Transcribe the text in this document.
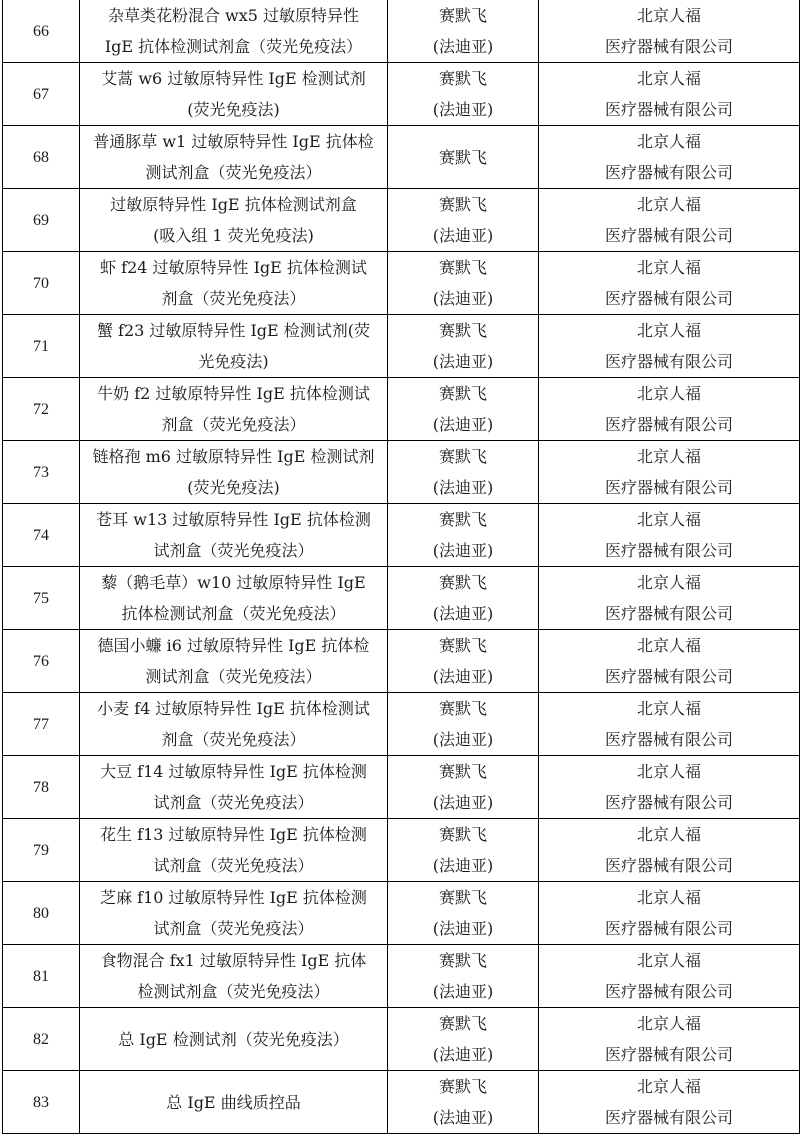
66	杂草类花粉混合 wx5 过敏原特异性
IgE 抗体检测试剂盒（荧光免疫法）	赛默飞
(法迪亚)	北京人福
医疗器械有限公司

67	艾蒿 w6 过敏原特异性 IgE 检测试剂
(荧光免疫法)	赛默飞
(法迪亚)	北京人福
医疗器械有限公司

68	普通豚草 w1 过敏原特异性 IgE 抗体检
测试剂盒（荧光免疫法）	赛默飞	北京人福
医疗器械有限公司

69	过敏原特异性 IgE 抗体检测试剂盒
(吸入组 1 荧光免疫法)	赛默飞
(法迪亚)	北京人福
医疗器械有限公司

70	虾 f24 过敏原特异性 IgE 抗体检测试
剂盒（荧光免疫法）	赛默飞
(法迪亚)	北京人福
医疗器械有限公司

71	蟹 f23 过敏原特异性 IgE 检测试剂(荧
光免疫法)	赛默飞
(法迪亚)	北京人福
医疗器械有限公司

72	牛奶 f2 过敏原特异性 IgE 抗体检测试
剂盒（荧光免疫法）	赛默飞
(法迪亚)	北京人福
医疗器械有限公司

73	链格孢 m6 过敏原特异性 IgE 检测试剂
(荧光免疫法)	赛默飞
(法迪亚)	北京人福
医疗器械有限公司

74	苍耳 w13 过敏原特异性 IgE 抗体检测
试剂盒（荧光免疫法）	赛默飞
(法迪亚)	北京人福
医疗器械有限公司

75	藜（鹅毛草）w10 过敏原特异性 IgE
抗体检测试剂盒（荧光免疫法）	赛默飞
(法迪亚)	北京人福
医疗器械有限公司

76	德国小蠊 i6 过敏原特异性 IgE 抗体检
测试剂盒（荧光免疫法）	赛默飞
(法迪亚)	北京人福
医疗器械有限公司

77	小麦 f4 过敏原特异性 IgE 抗体检测试
剂盒（荧光免疫法）	赛默飞
(法迪亚)	北京人福
医疗器械有限公司

78	大豆 f14 过敏原特异性 IgE 抗体检测
试剂盒（荧光免疫法）	赛默飞
(法迪亚)	北京人福
医疗器械有限公司

79	花生 f13 过敏原特异性 IgE 抗体检测
试剂盒（荧光免疫法）	赛默飞
(法迪亚)	北京人福
医疗器械有限公司

80	芝麻 f10 过敏原特异性 IgE 抗体检测
试剂盒（荧光免疫法）	赛默飞
(法迪亚)	北京人福
医疗器械有限公司

81	食物混合 fx1 过敏原特异性 IgE 抗体
检测试剂盒（荧光免疫法）	赛默飞
(法迪亚)	北京人福
医疗器械有限公司

82	总 IgE 检测试剂（荧光免疫法）	赛默飞
(法迪亚)	北京人福
医疗器械有限公司

83	总 IgE 曲线质控品	赛默飞
(法迪亚)	北京人福
医疗器械有限公司
